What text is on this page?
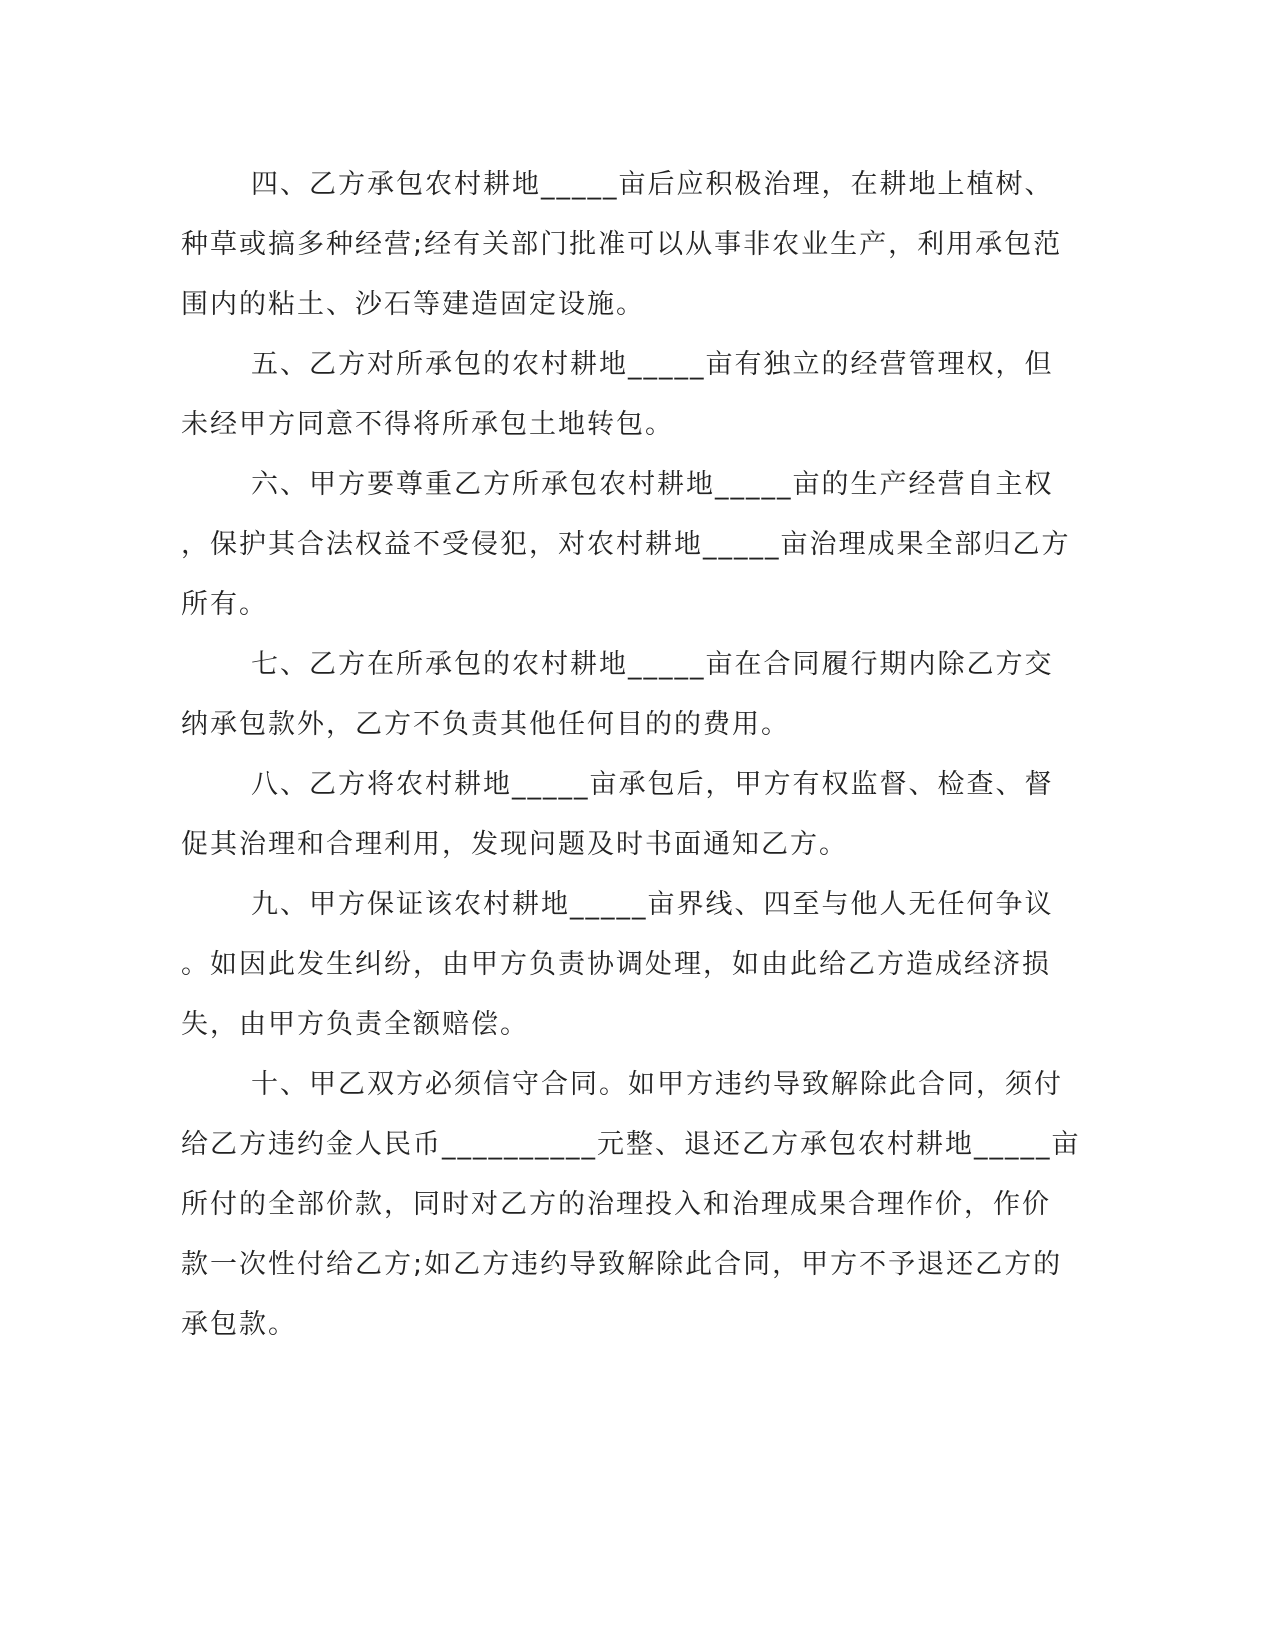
四、乙方承包农村耕地_____亩后应积极治理，在耕地上植树、
种草或搞多种经营;经有关部门批准可以从事非农业生产，利用承包范
围内的粘土、沙石等建造固定设施。

五、乙方对所承包的农村耕地_____亩有独立的经营管理权，但
未经甲方同意不得将所承包土地转包。

六、甲方要尊重乙方所承包农村耕地_____亩的生产经营自主权
，保护其合法权益不受侵犯，对农村耕地_____亩治理成果全部归乙方
所有。

七、乙方在所承包的农村耕地_____亩在合同履行期内除乙方交
纳承包款外，乙方不负责其他任何目的的费用。

八、乙方将农村耕地_____亩承包后，甲方有权监督、检查、督
促其治理和合理利用，发现问题及时书面通知乙方。

九、甲方保证该农村耕地_____亩界线、四至与他人无任何争议
。如因此发生纠纷，由甲方负责协调处理，如由此给乙方造成经济损
失，由甲方负责全额赔偿。

十、甲乙双方必须信守合同。如甲方违约导致解除此合同，须付
给乙方违约金人民币__________元整、退还乙方承包农村耕地_____亩
所付的全部价款，同时对乙方的治理投入和治理成果合理作价，作价
款一次性付给乙方;如乙方违约导致解除此合同，甲方不予退还乙方的
承包款。
